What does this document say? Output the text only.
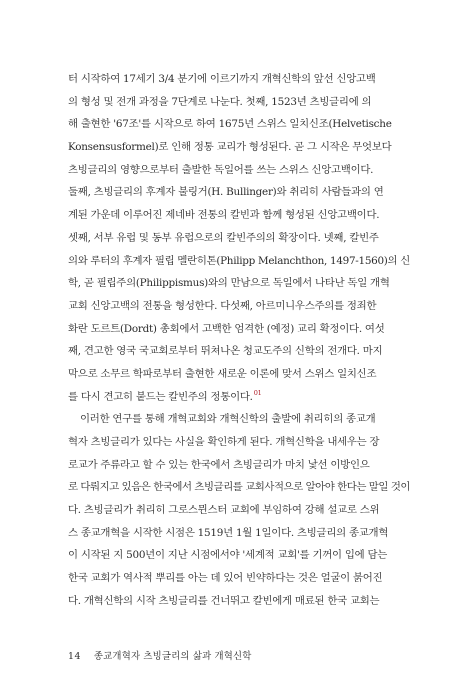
터 시작하여 17세기 3/4 분기에 이르기까지 개혁신학의 앞선 신앙고백
의 형성 및 전개 과정을 7단계로 나눈다. 첫째, 1523년 츠빙글리에 의
해 출현한 '67조'를 시작으로 하여 1675년 스위스 일치신조(Helvetische
Konsensusformel)로 인해 정통 교리가 형성된다. 곧 그 시작은 무엇보다
츠빙글리의 영향으로부터 출발한 독일어를 쓰는 스위스 신앙고백이다.
둘째, 츠빙글리의 후계자 불링거(H. Bullinger)와 취리히 사람들과의 연
계된 가운데 이루어진 제네바 전통의 칼빈과 함께 형성된 신앙고백이다.
셋째, 서부 유럽 및 동부 유럽으로의 칼빈주의의 확장이다. 넷째, 칼빈주
의와 루터의 후계자 필립 멜란히톤(Philipp Melanchthon, 1497-1560)의 신
학, 곧 필립주의(Philippismus)와의 만남으로 독일에서 나타난 독일 개혁
교회 신앙고백의 전통을 형성한다. 다섯째, 아르미니우스주의를 정죄한
화란 도르트(Dordt) 총회에서 고백한 엄격한 (예정) 교리 확정이다. 여섯
째, 견고한 영국 국교회로부터 뛰쳐나온 청교도주의 신학의 전개다. 마지
막으로 소무르 학파로부터 출현한 새로운 이론에 맞서 스위스 일치신조
를 다시 견고히 붙드는 칼빈주의 정통이다.$^{01}$
이러한 연구를 통해 개혁교회와 개혁신학의 출발에 취리히의 종교개
혁자 츠빙글리가 있다는 사실을 확인하게 된다. 개혁신학을 내세우는 장
로교가 주류라고 할 수 있는 한국에서 츠빙글리가 마치 낯선 이방인으
로 다뤄지고 있음은 한국에서 츠빙글리를 교회사적으로 알아야 한다는 말일 것이
다. 츠빙글리가 취리히 그로스뮌스터 교회에 부임하여 강해 설교로 스위
스 종교개혁을 시작한 시점은 1519년 1월 1일이다. 츠빙글리의 종교개혁
이 시작된 지 500년이 지난 시점에서야 '세계적 교회'를 기꺼이 입에 담는
한국 교회가 역사적 뿌리를 아는 데 있어 빈약하다는 것은 얼굴이 붉어진
다. 개혁신학의 시작 츠빙글리를 건너뛰고 칼빈에게 매료된 한국 교회는
14 종교개혁자 츠빙글리의 삶과 개혁신학
